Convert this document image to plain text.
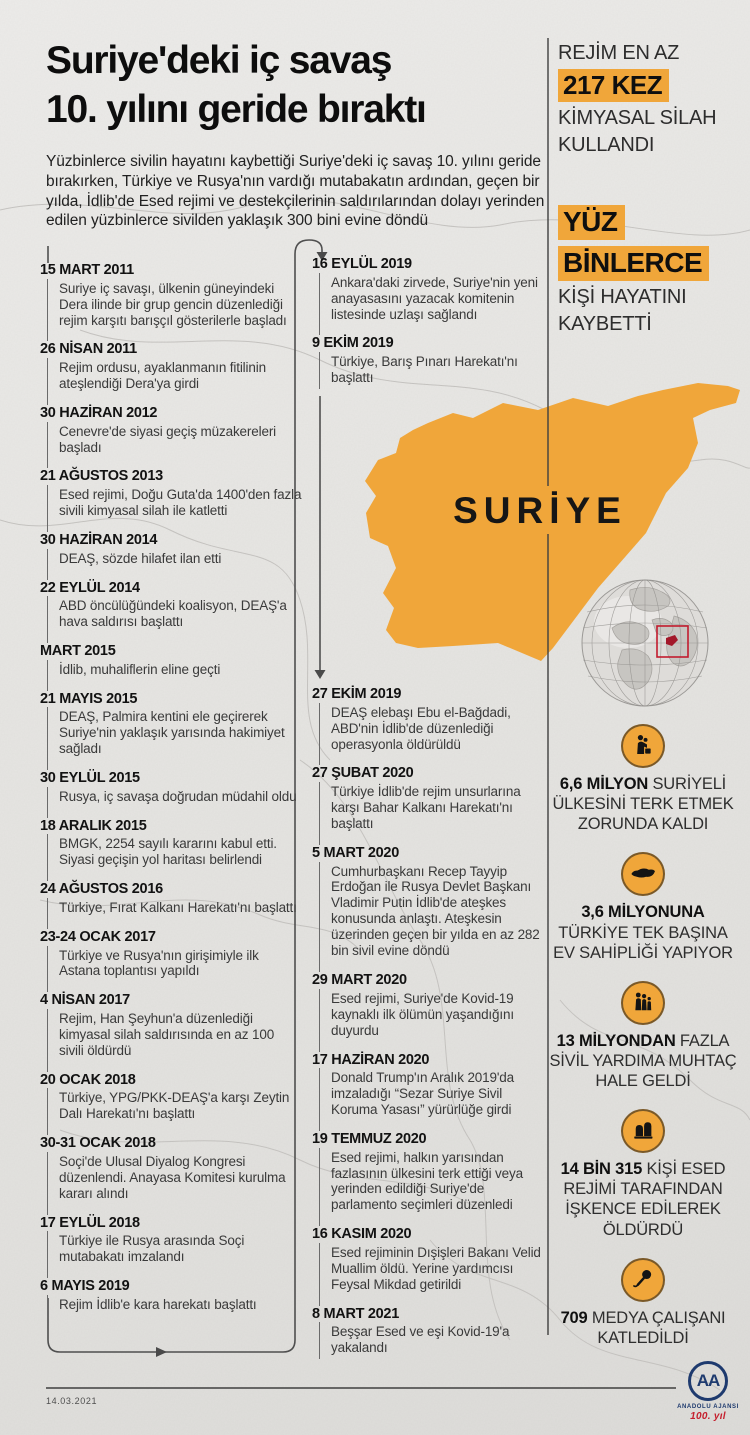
SURİYE
Suriye'deki iç savaş
10. yılını geride bıraktı
Yüzbinlerce sivilin hayatını kaybettiği Suriye'deki iç savaş 10. yılını geride bırakırken, Türkiye ve Rusya'nın vardığı mutabakatın ardından, geçen bir yılda, İdlib'de Esed rejimi ve destekçilerinin saldırılarından dolayı yerinden edilen yüzbinlerce sivilden yaklaşık 300 bini evine döndü
REJİM EN AZ
217 KEZ
KİMYASAL SİLAH
KULLANDI
YÜZ
BİNLERCE
KİŞİ HAYATINI
KAYBETTİ
15 MART 2011
Suriye iç savaşı, ülkenin güneyindeki Dera ilinde bir grup gencin düzenlediği rejim karşıtı barışçıl gösterilerle başladı
26 NİSAN 2011
Rejim ordusu, ayaklanmanın fitilinin ateşlendiği Dera'ya girdi
30 HAZİRAN 2012
Cenevre'de siyasi geçiş müzakereleri başladı
21 AĞUSTOS 2013
Esed rejimi, Doğu Guta'da 1400'den fazla sivili kimyasal silah ile katletti
30 HAZİRAN 2014
DEAŞ, sözde hilafet ilan etti
22 EYLÜL 2014
ABD öncülüğündeki koalisyon, DEAŞ'a hava saldırısı başlattı
MART 2015
İdlib, muhaliflerin eline geçti
21 MAYIS 2015
DEAŞ, Palmira kentini ele geçirerek Suriye'nin yaklaşık yarısında hakimiyet sağladı
30 EYLÜL 2015
Rusya, iç savaşa doğrudan müdahil oldu
18 ARALIK 2015
BMGK, 2254 sayılı kararını kabul etti. Siyasi geçişin yol haritası belirlendi
24 AĞUSTOS 2016
Türkiye, Fırat Kalkanı Harekatı'nı başlattı
23-24 OCAK 2017
Türkiye ve Rusya'nın girişimiyle ilk Astana toplantısı yapıldı
4 NİSAN 2017
Rejim, Han Şeyhun'a düzenlediği kimyasal silah saldırısında en az 100 sivili öldürdü
20 OCAK 2018
Türkiye, YPG/PKK-DEAŞ'a karşı Zeytin Dalı Harekatı'nı başlattı
30-31 OCAK 2018
Soçi'de Ulusal Diyalog Kongresi düzenlendi. Anayasa Komitesi kurulma kararı alındı
17 EYLÜL 2018
Türkiye ile Rusya arasında Soçi mutabakatı imzalandı
6 MAYIS 2019
Rejim İdlib'e kara harekatı başlattı
16 EYLÜL 2019
Ankara'daki zirvede, Suriye'nin yeni anayasasını yazacak komitenin listesinde uzlaşı sağlandı
9 EKİM 2019
Türkiye, Barış Pınarı Harekatı'nı başlattı
27 EKİM 2019
DEAŞ elebaşı Ebu el-Bağdadi, ABD'nin İdlib'de düzenlediği operasyonla öldürüldü
27 ŞUBAT 2020
Türkiye İdlib'de rejim unsurlarına karşı Bahar Kalkanı Harekatı'nı başlattı
5 MART 2020
Cumhurbaşkanı Recep Tayyip Erdoğan ile Rusya Devlet Başkanı Vladimir Putin İdlib'de ateşkes konusunda anlaştı. Ateşkesin üzerinden geçen bir yılda en az 282 bin sivil evine döndü
29 MART 2020
Esed rejimi, Suriye'de Kovid-19 kaynaklı ilk ölümün yaşandığını duyurdu
17 HAZİRAN 2020
Donald Trump'ın Aralık 2019'da imzaladığı “Sezar Suriye Sivil Koruma Yasası” yürürlüğe girdi
19 TEMMUZ 2020
Esed rejimi, halkın yarısından fazlasının ülkesini terk ettiği veya yerinden edildiği Suriye'de parlamento seçimleri düzenledi
16 KASIM 2020
Esed rejiminin Dışişleri Bakanı Velid Muallim öldü. Yerine yardımcısı Feysal Mikdad getirildi
8 MART 2021
Beşşar Esed ve eşi Kovid-19'a yakalandı
6,6 MİLYON SURİYELİ ÜLKESİNİ TERK ETMEK ZORUNDA KALDI
3,6 MİLYONUNA TÜRKİYE TEK BAŞINA EV SAHİPLİĞİ YAPIYOR
13 MİLYONDAN FAZLA SİVİL YARDIMA MUHTAÇ HALE GELDİ
14 BİN 315 KİŞİ ESED REJİMİ TARAFINDAN İŞKENCE EDİLEREK ÖLDÜRDÜ
709 MEDYA ÇALIŞANI KATLEDİLDİ
14.03.2021
AA
ANADOLU AJANSI
100. yıl
